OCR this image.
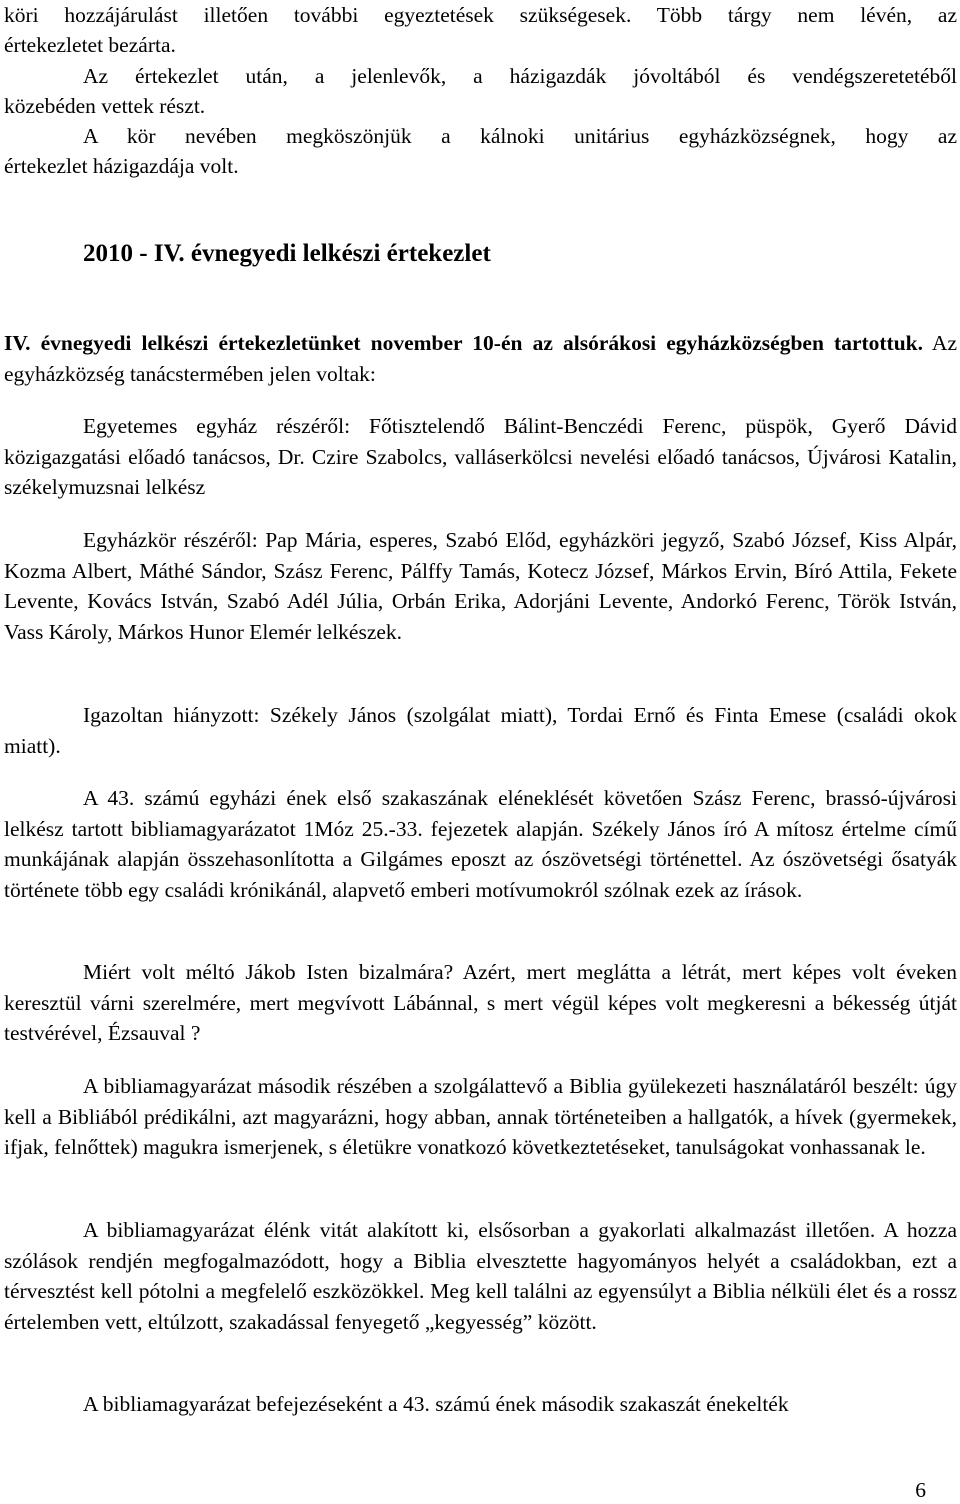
köri hozzájárulást illetően további egyeztetések szükségesek. Több tárgy nem lévén, az

értekezletet bezárta.

Az értekezlet után, a jelenlevők, a házigazdák jóvoltából és vendégszeretetéből

közebéden vettek részt.

A kör nevében megköszönjük a kálnoki unitárius egyházközségnek, hogy az

értekezlet házigazdája volt.

2010 - IV. évnegyedi lelkészi értekezlet

IV. évnegyedi lelkészi értekezletünket november 10-én az alsórákosi egyházközségben tartottuk. Az egyházközség tanácstermében jelen voltak:

Egyetemes egyház részéről: Főtisztelendő Bálint-Benczédi Ferenc, püspök, Gyerő Dávid közigazgatási előadó tanácsos, Dr. Czire Szabolcs, valláserkölcsi nevelési előadó tanácsos, Újvárosi Katalin, székelymuzsnai lelkész

Egyházkör részéről: Pap Mária, esperes, Szabó Előd, egyházköri jegyző, Szabó József, Kiss Alpár, Kozma Albert, Máthé Sándor, Szász Ferenc, Pálffy Tamás, Kotecz József, Márkos Ervin, Bíró Attila, Fekete Levente, Kovács István, Szabó Adél Júlia, Orbán Erika, Adorjáni Levente, Andorkó Ferenc, Török István, Vass Károly, Márkos Hunor Elemér lelkészek.

Igazoltan hiányzott: Székely János (szolgálat miatt), Tordai Ernő és Finta Emese (családi okok miatt).

A 43. számú egyházi ének első szakaszának eléneklését követően Szász Ferenc, brassó-újvárosi lelkész tartott bibliamagyarázatot 1Móz 25.-33. fejezetek alapján. Székely János író A mítosz értelme című munkájának alapján összehasonlította a Gilgámes eposzt az ószövetségi történettel. Az ószövetségi ősatyák története több egy családi krónikánál, alapvető emberi motívumokról szólnak ezek az írások.

Miért volt méltó Jákob Isten bizalmára? Azért, mert meglátta a létrát, mert képes volt éveken keresztül várni szerelmére, mert megvívott Lábánnal, s mert végül képes volt megkeresni a békesség útját testvérével, Ézsauval ?

A bibliamagyarázat második részében a szolgálattevő a Biblia gyülekezeti használatáról beszélt: úgy kell a Bibliából prédikálni, azt magyarázni, hogy abban, annak történeteiben a hallgatók, a hívek (gyermekek, ifjak, felnőttek) magukra ismerjenek, s életükre vonatkozó következtetéseket, tanulságokat vonhassanak le.

A bibliamagyarázat élénk vitát alakított ki, elsősorban a gyakorlati alkalmazást illetően. A hozza szólások rendjén megfogalmazódott, hogy a Biblia elvesztette hagyományos helyét a családokban, ezt a térvesztést kell pótolni a megfelelő eszközökkel. Meg kell találni az egyensúlyt a Biblia nélküli élet és a rossz értelemben vett, eltúlzott, szakadással fenyegető „kegyesség” között.

A bibliamagyarázat befejezéseként a 43. számú ének második szakaszát énekelték

6
